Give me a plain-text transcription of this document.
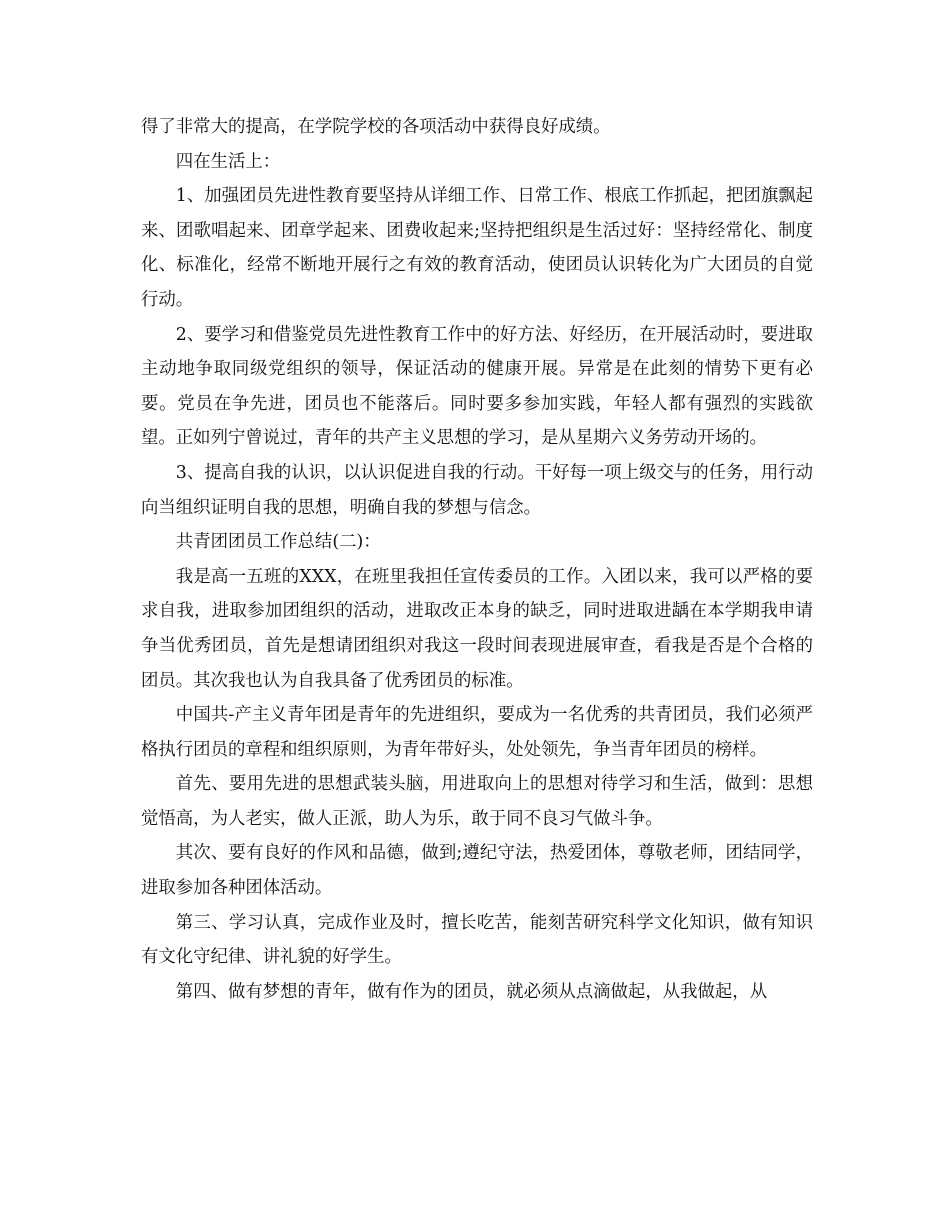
得了非常大的提高，在学院学校的各项活动中获得良好成绩。

四在生活上：

1、加强团员先进性教育要坚持从详细工作、日常工作、根底工作抓起，把团旗飘起来、团歌唱起来、团章学起来、团费收起来;坚持把组织是生活过好：坚持经常化、制度化、标准化，经常不断地开展行之有效的教育活动，使团员认识转化为广大团员的自觉行动。

2、要学习和借鉴党员先进性教育工作中的好方法、好经历，在开展活动时，要进取主动地争取同级党组织的领导，保证活动的健康开展。异常是在此刻的情势下更有必要。党员在争先进，团员也不能落后。同时要多参加实践，年轻人都有强烈的实践欲望。正如列宁曾说过，青年的共产主义思想的学习，是从星期六义务劳动开场的。

3、提高自我的认识，以认识促进自我的行动。干好每一项上级交与的任务，用行动向当组织证明自我的思想，明确自我的梦想与信念。

共青团团员工作总结(二)：

我是高一五班的XXX，在班里我担任宣传委员的工作。入团以来，我可以严格的要求自我，进取参加团组织的活动，进取改正本身的缺乏，同时进取进龋在本学期我申请争当优秀团员，首先是想请团组织对我这一段时间表现进展审查，看我是否是个合格的团员。其次我也认为自我具备了优秀团员的标准。

中国共-产主义青年团是青年的先进组织，要成为一名优秀的共青团员，我们必须严格执行团员的章程和组织原则，为青年带好头，处处领先，争当青年团员的榜样。

首先、要用先进的思想武装头脑，用进取向上的思想对待学习和生活，做到：思想觉悟高，为人老实，做人正派，助人为乐，敢于同不良习气做斗争。

其次、要有良好的作风和品德，做到;遵纪守法，热爱团体，尊敬老师，团结同学，进取参加各种团体活动。

第三、学习认真，完成作业及时，擅长吃苦，能刻苦研究科学文化知识，做有知识有文化守纪律、讲礼貌的好学生。

第四、做有梦想的青年，做有作为的团员，就必须从点滴做起，从我做起，从
